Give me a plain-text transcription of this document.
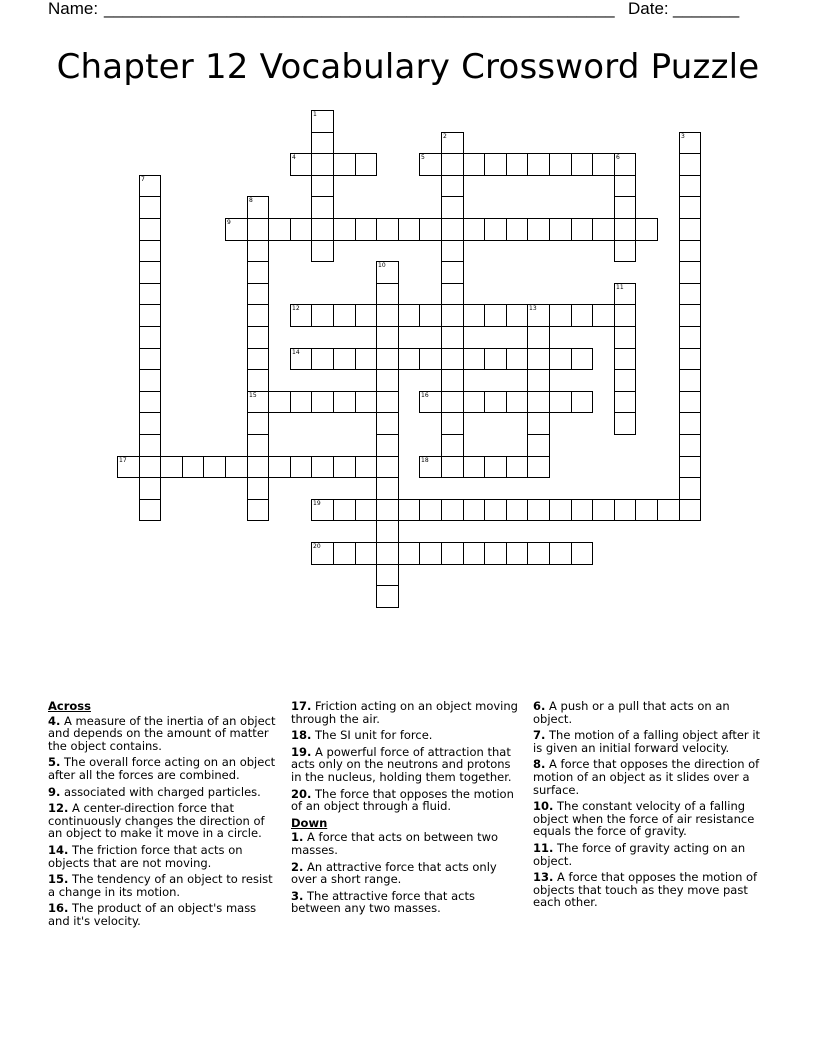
Name: ______________________________________________________ Date: _______
Chapter 12 Vocabulary Crossword Puzzle
1
2	3
4	5	6
7
8
9
10
11
12	13
14
15	16
17	18
19
20
Across
4. A measure of the inertia of an object and depends on the amount of matter the object contains.
5. The overall force acting on an object after all the forces are combined.
9. associated with charged particles.
12. A center-direction force that continuously changes the direction of an object to make it move in a circle.
14. The friction force that acts on objects that are not moving.
15. The tendency of an object to resist a change in its motion.
16. The product of an object's mass and it's velocity.
17. Friction acting on an object moving through the air.
18. The SI unit for force.
19. A powerful force of attraction that acts only on the neutrons and protons in the nucleus, holding them together.
20. The force that opposes the motion of an object through a fluid.
Down
1. A force that acts on between two masses.
2. An attractive force that acts only over a short range.
3. The attractive force that acts between any two masses.
6. A push or a pull that acts on an object.
7. The motion of a falling object after it is given an initial forward velocity.
8. A force that opposes the direction of motion of an object as it slides over a surface.
10. The constant velocity of a falling object when the force of air resistance equals the force of gravity.
11. The force of gravity acting on an object.
13. A force that opposes the motion of objects that touch as they move past each other.
